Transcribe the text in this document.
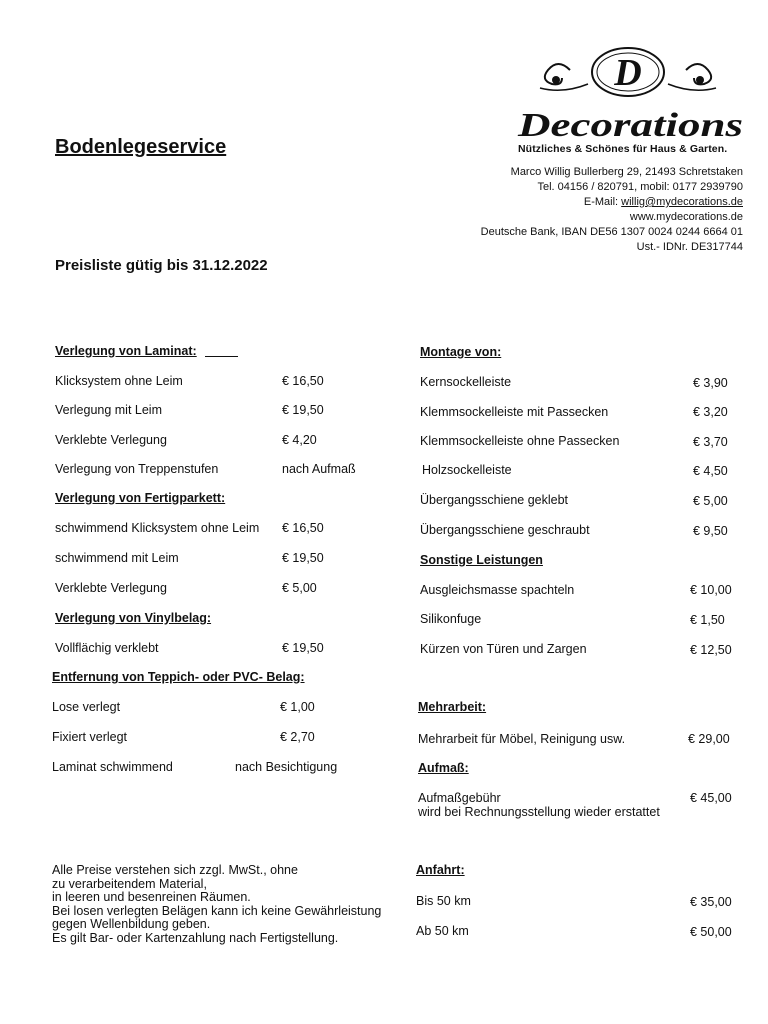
Bodenlegeservice
D
Decorations
Nützliches & Schönes für Haus & Garten.
Marco Willig Bullerberg 29, 21493 Schretstaken
Tel. 04156 / 820791, mobil: 0177 2939790
E-Mail: willig@mydecorations.de
www.mydecorations.de
Deutsche Bank, IBAN DE56 1307 0024 0244 6664 01
Ust.- IDNr. DE317744
Preisliste gütig bis 31.12.2022
Verlegung von Laminat:
Klicksystem ohne Leim	€ 16,50
Verlegung mit Leim	€ 19,50
Verklebte Verlegung	€ 4,20
Verlegung von Treppenstufen	nach Aufmaß
Verlegung von Fertigparkett:
schwimmend Klicksystem ohne Leim € 16,50
schwimmend mit Leim	€ 19,50
Verklebte Verlegung	€ 5,00
Verlegung von Vinylbelag:
Vollflächig verklebt	€ 19,50
Entfernung von Teppich- oder PVC- Belag:
Lose verlegt	€ 1,00
Fixiert verlegt	€ 2,70
Laminat schwimmend	nach Besichtigung
Alle Preise verstehen sich zzgl. MwSt., ohne
zu verarbeitendem Material,
in leeren und besenreinen Räumen.
Bei losen verlegten Belägen kann ich keine Gewährleistung
gegen Wellenbildung geben.
Es gilt Bar- oder Kartenzahlung nach Fertigstellung.
Montage von:
Kernsockelleiste	€ 3,90
Klemmsockelleiste mit Passecken	€ 3,20
Klemmsockelleiste ohne Passecken	€ 3,70
Holzsockelleiste	€ 4,50
Übergangsschiene geklebt	€ 5,00
Übergangsschiene geschraubt	€ 9,50
Sonstige Leistungen
Ausgleichsmasse spachteln	€ 10,00
Silikonfuge	€ 1,50
Kürzen von Türen und Zargen	€ 12,50
Mehrarbeit:
Mehrarbeit für Möbel, Reinigung usw.	€ 29,00
Aufmaß:
Aufmaßgebühr
wird bei Rechnungsstellung wieder erstattet
€ 45,00
Anfahrt:
Bis 50 km	€ 35,00
Ab 50 km	€ 50,00
